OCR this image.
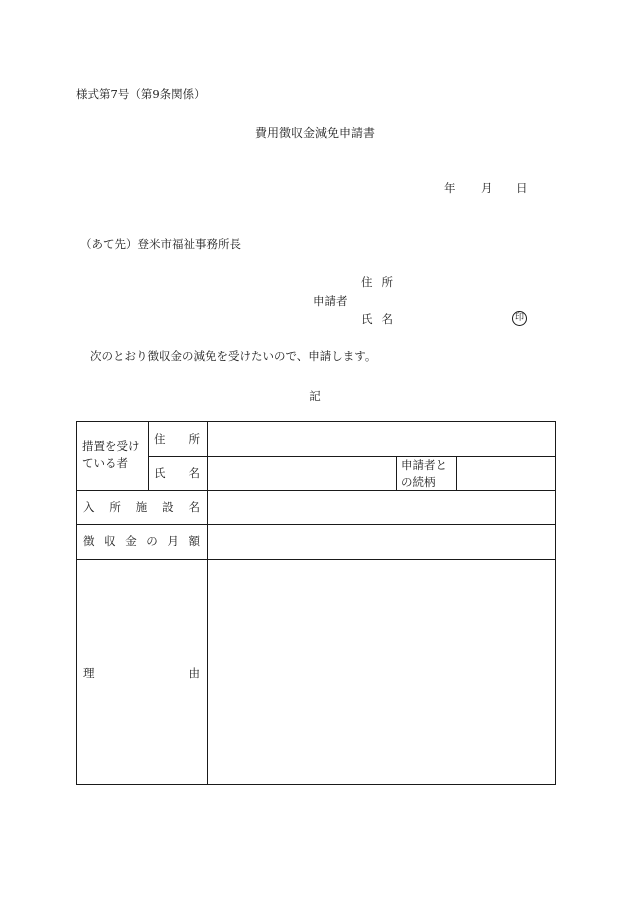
様式第7号（第9条関係）
費用徴収金減免申請書
年 月 日
（あて先）登米市福祉事務所長
住所
申請者
氏名	印
次のとおり徴収金の減免を受けたいので、申請します。
記
措置を受け
ている者
住 所
氏 名
申請者と
の続柄
入 所 施 設 名
徴 収 金 の 月 額
理	由
